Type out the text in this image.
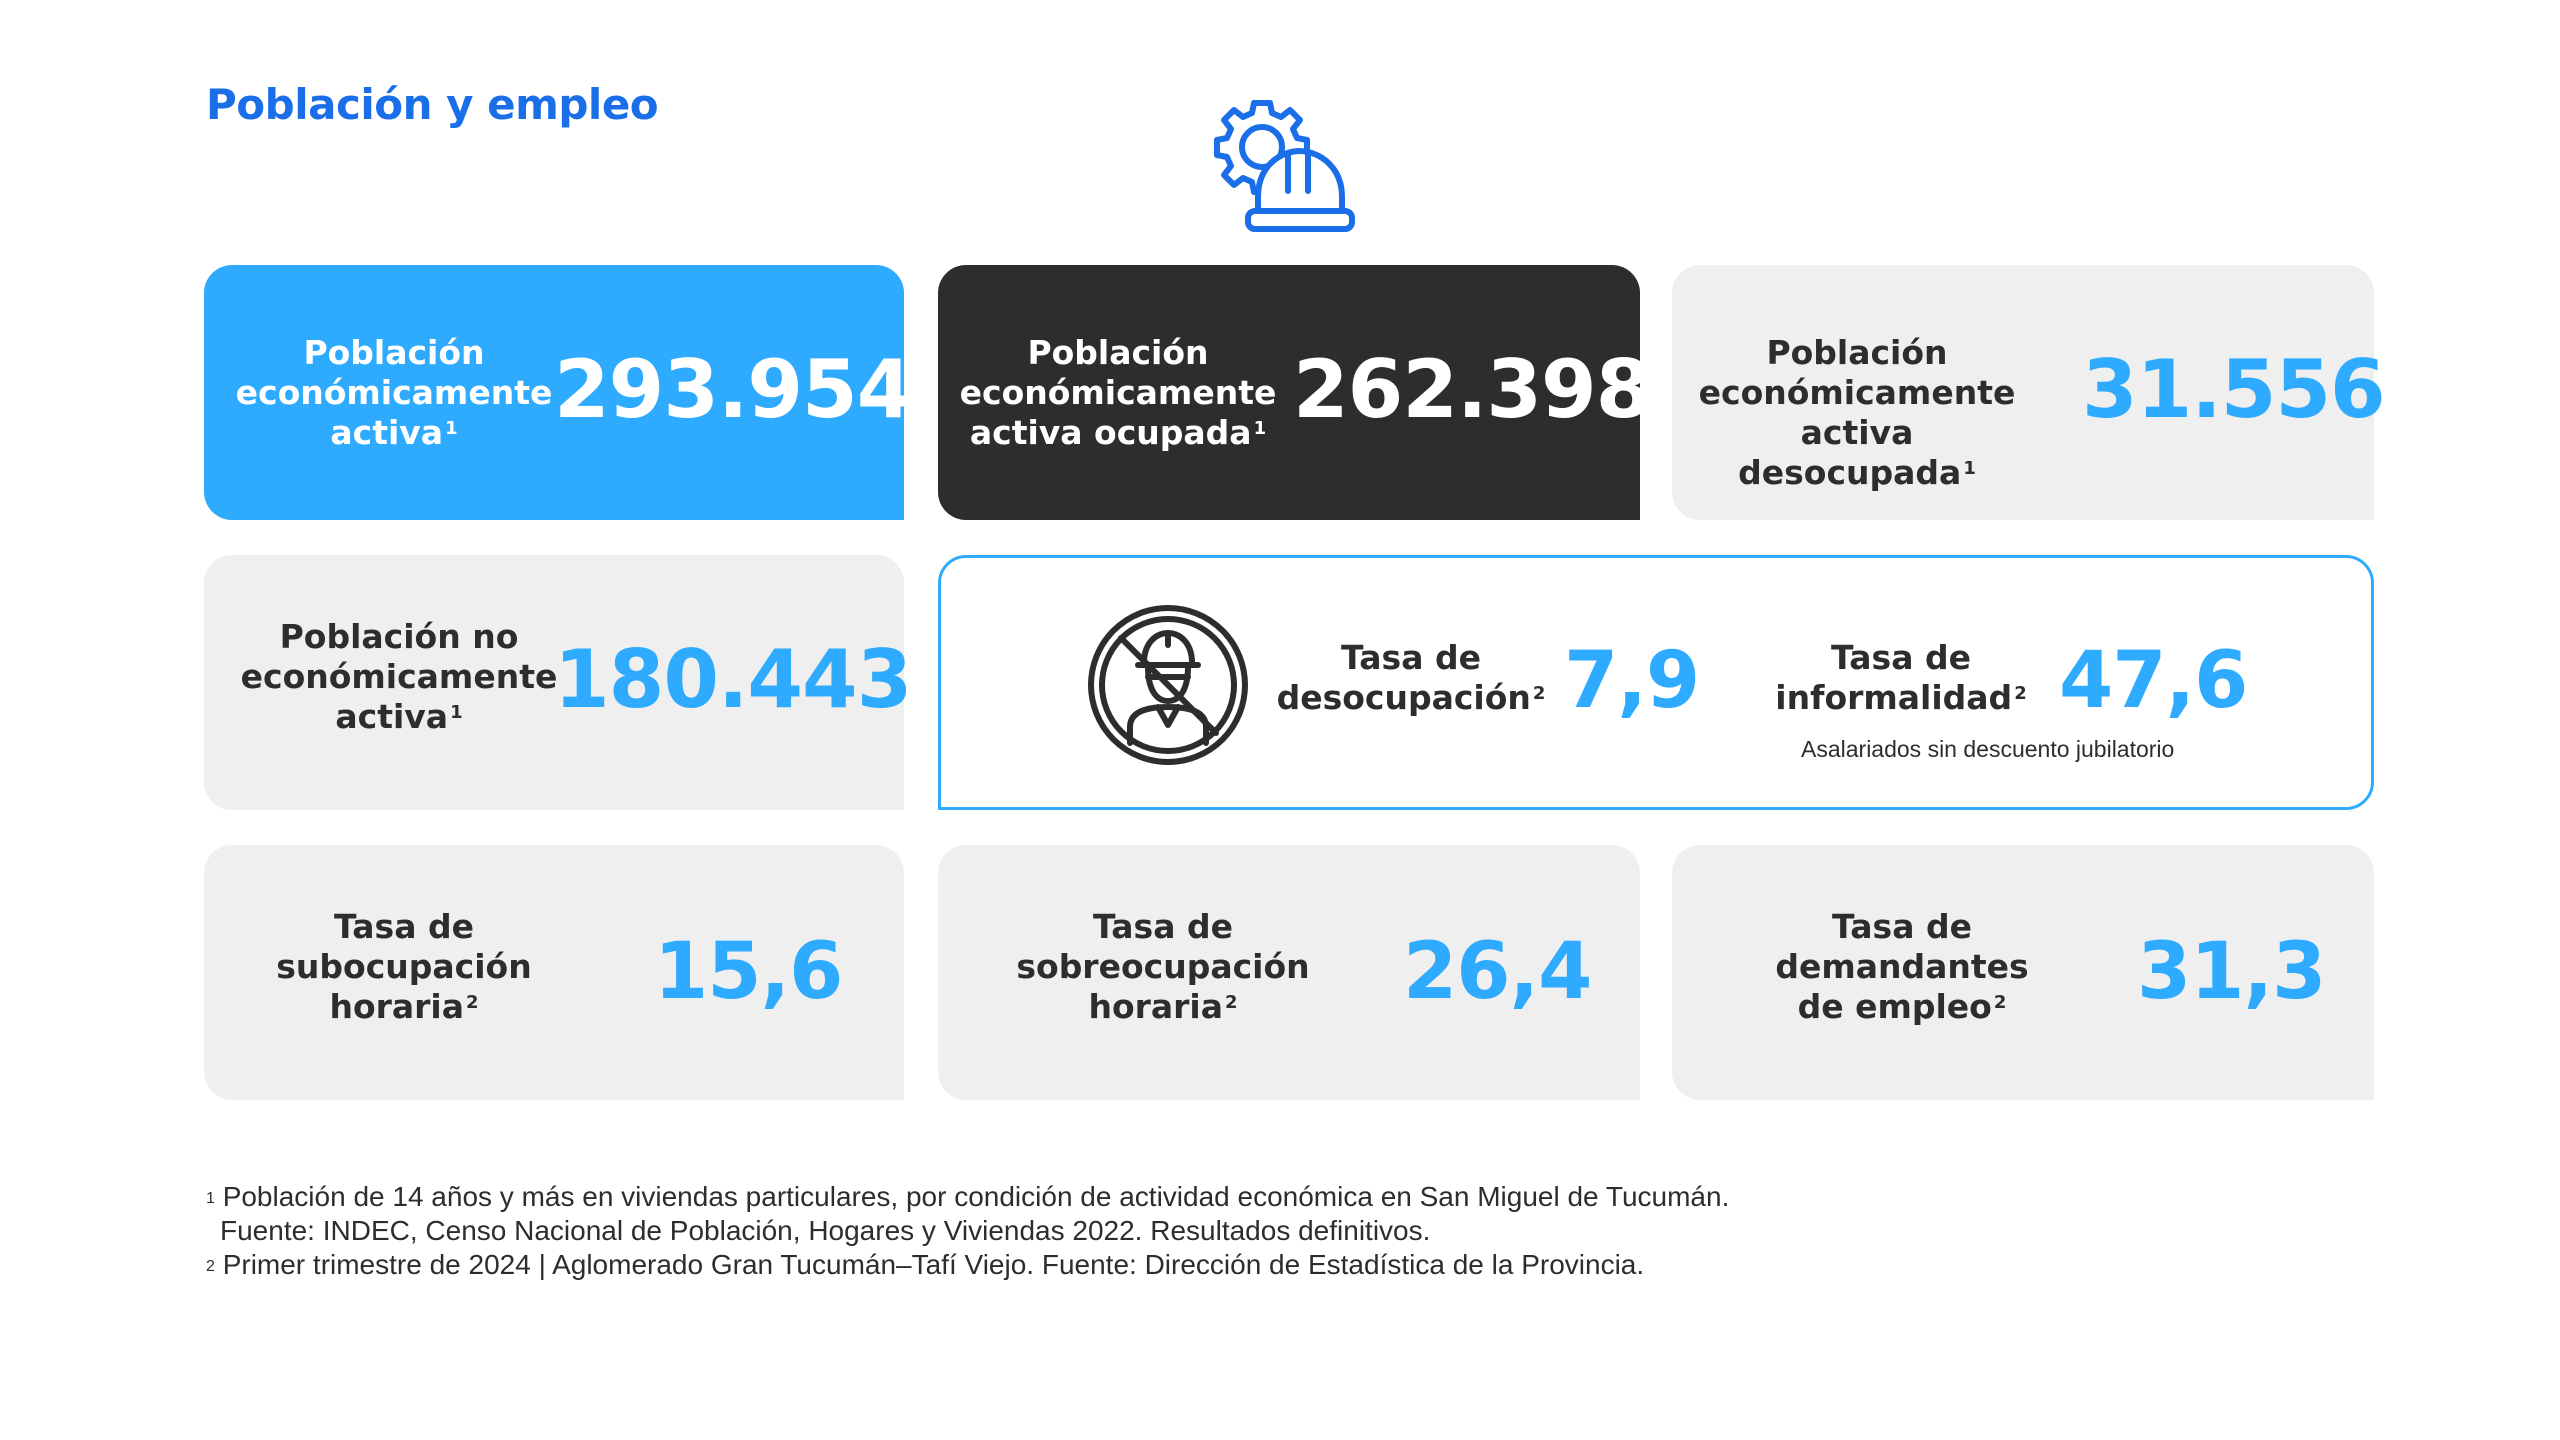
Población y empleo
Población
económicamente
activa $^1$	293.954	Población
económicamente
activa ocupada $^1$ 262.398	Población
económicamente
activa desocupada $^1$
31.556
Población no
económicamente
activa $^1$	180.443	Tasa de
desocupación $^2$ 7,9	Tasa de
informalidad $^2$ 47,6
Asalariados sin descuento jubilatorio
Tasa de
subocupación
horaria $^2$	15,6
Tasa de
sobreocupación
horaria $^2$	26,4
Tasa de
demandantes
de empleo $^2$	31,3
$^1$ Población de 14 años y más en viviendas particulares, por condición de actividad económica en San Miguel de Tucumán.
Fuente: INDEC, Censo Nacional de Población, Hogares y Viviendas 2022. Resultados definitivos.
$^2$ Primer trimestre de 2024 | Aglomerado Gran Tucumán–Tafí Viejo. Fuente: Dirección de Estadística de la Provincia.
